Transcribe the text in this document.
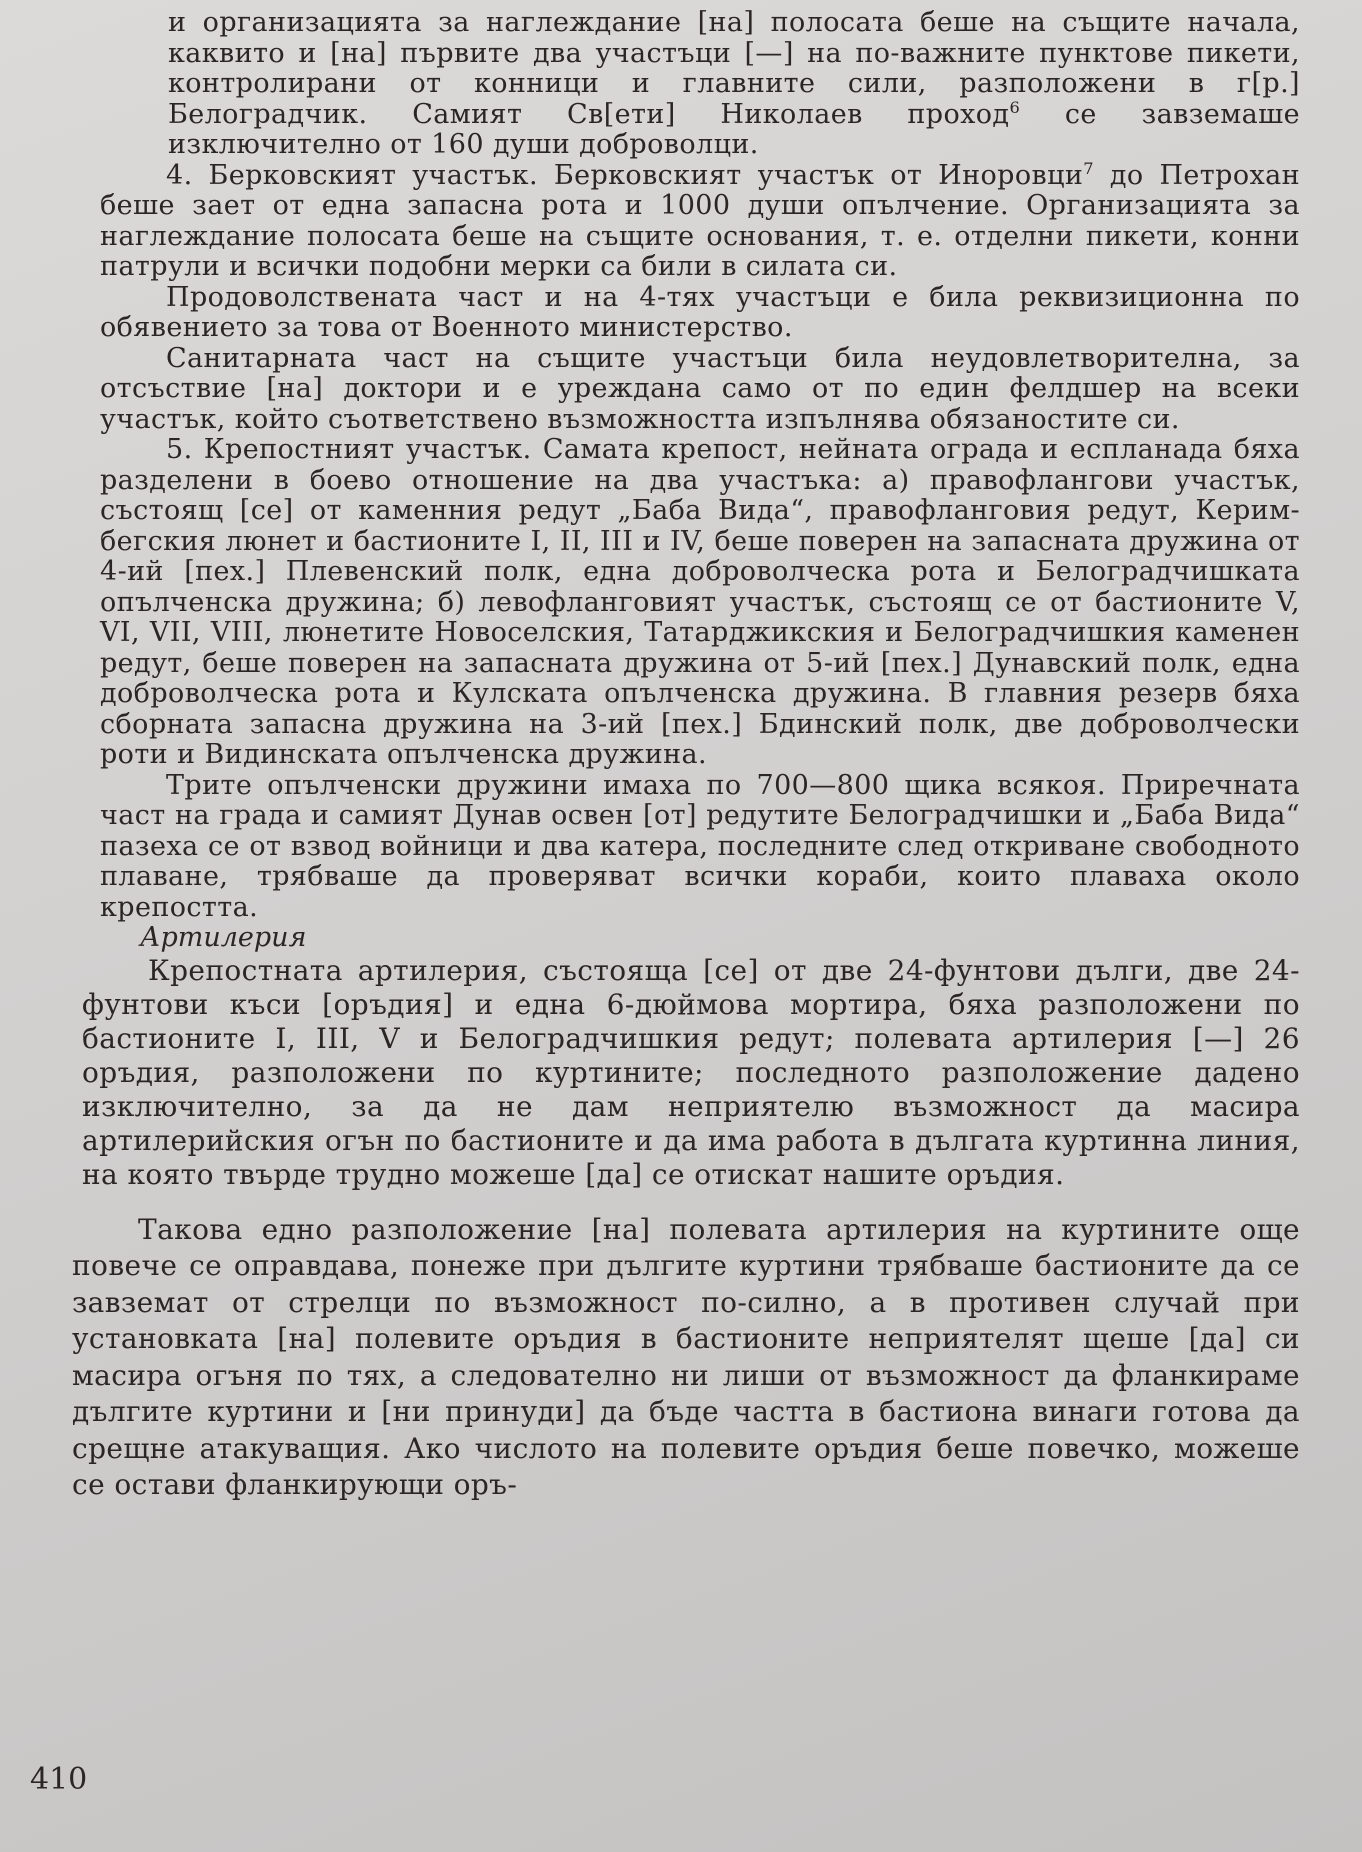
и организацията за наглеждание [на] полосата беше на същите начала, каквито и [на] първите два участъци [—] на по-важните пунктове пикети, контролирани от конници и главните сили, разположени в г[р.] Белоградчик. Самият Св[ети] Николаев проход$^6$ се завземаше изключително от 160 души доброволци.

4. Берковският участък. Берковският участък от Иноровци$^7$ до Петрохан беше зает от една запасна рота и 1000 души опълчение. Организацията за наглеждание полосата беше на същите основания, т. е. отделни пикети, конни патрули и всички подобни мерки са били в силата си.

Продоволствената част и на 4-тях участъци е била реквизиционна по обявението за това от Военното министерство.

Санитарната част на същите участъци била неудовлетворителна, за отсъствие [на] доктори и е уреждана само от по един фелдшер на всеки участък, който съответствено възможността изпълнява обязаностите си.

5. Крепостният участък. Самата крепост, нейната ограда и еспланада бяха разделени в боево отношение на два участъка: а) правофлангови участък, състоящ [се] от каменния редут „Баба Вида“, правофланговия редут, Керим-бегския люнет и бастионите I, II, III и IV, беше поверен на запасната дружина от 4-ий [пех.] Плевенский полк, една доброволческа рота и Белоградчишката опълченска дружина; б) левофланговият участък, състоящ се от бастионите V, VI, VII, VIII, люнетите Новоселския, Татарджикския и Белоградчишкия каменен редут, беше поверен на запасната дружина от 5-ий [пех.] Дунавский полк, една доброволческа рота и Кулската опълченска дружина. В главния резерв бяха сборната запасна дружина на 3-ий [пех.] Бдинский полк, две доброволчески роти и Видинската опълченска дружина.

Трите опълченски дружини имаха по 700—800 щика всякоя. Приречната част на града и самият Дунав освен [от] редутите Белоградчишки и „Баба Вида“ пазеха се от взвод войници и два катера, последните след откриване свободното плаване, трябваше да проверяват всички кораби, които плаваха около крепостта.

Артилерия

Крепостната артилерия, състояща [се] от две 24-фунтови дълги, две 24-фунтови къси [оръдия] и една 6-дюймова мортира, бяха разположени по бастионите I, III, V и Белоградчишкия редут; полевата артилерия [—] 26 оръдия, разположени по куртините; последното разположение дадено изключително, за да не дам неприятелю възможност да масира артилерийския огън по бастионите и да има работа в дългата куртинна линия, на която твърде трудно можеше [да] се отискат нашите оръдия.

Такова едно разположение [на] полевата артилерия на куртините още повече се оправдава, понеже при дългите куртини трябваше бастионите да се завземат от стрелци по възможност по-силно, а в противен случай при установката [на] полевите оръдия в бастионите неприятелят щеше [да] си масира огъня по тях, а следователно ни лиши от възможност да фланкираме дългите куртини и [ни принуди] да бъде частта в бастиона винаги готова да срещне атакуващия. Ако числото на полевите оръдия беше повечко, можеше се остави фланкирующи оръ-

410
